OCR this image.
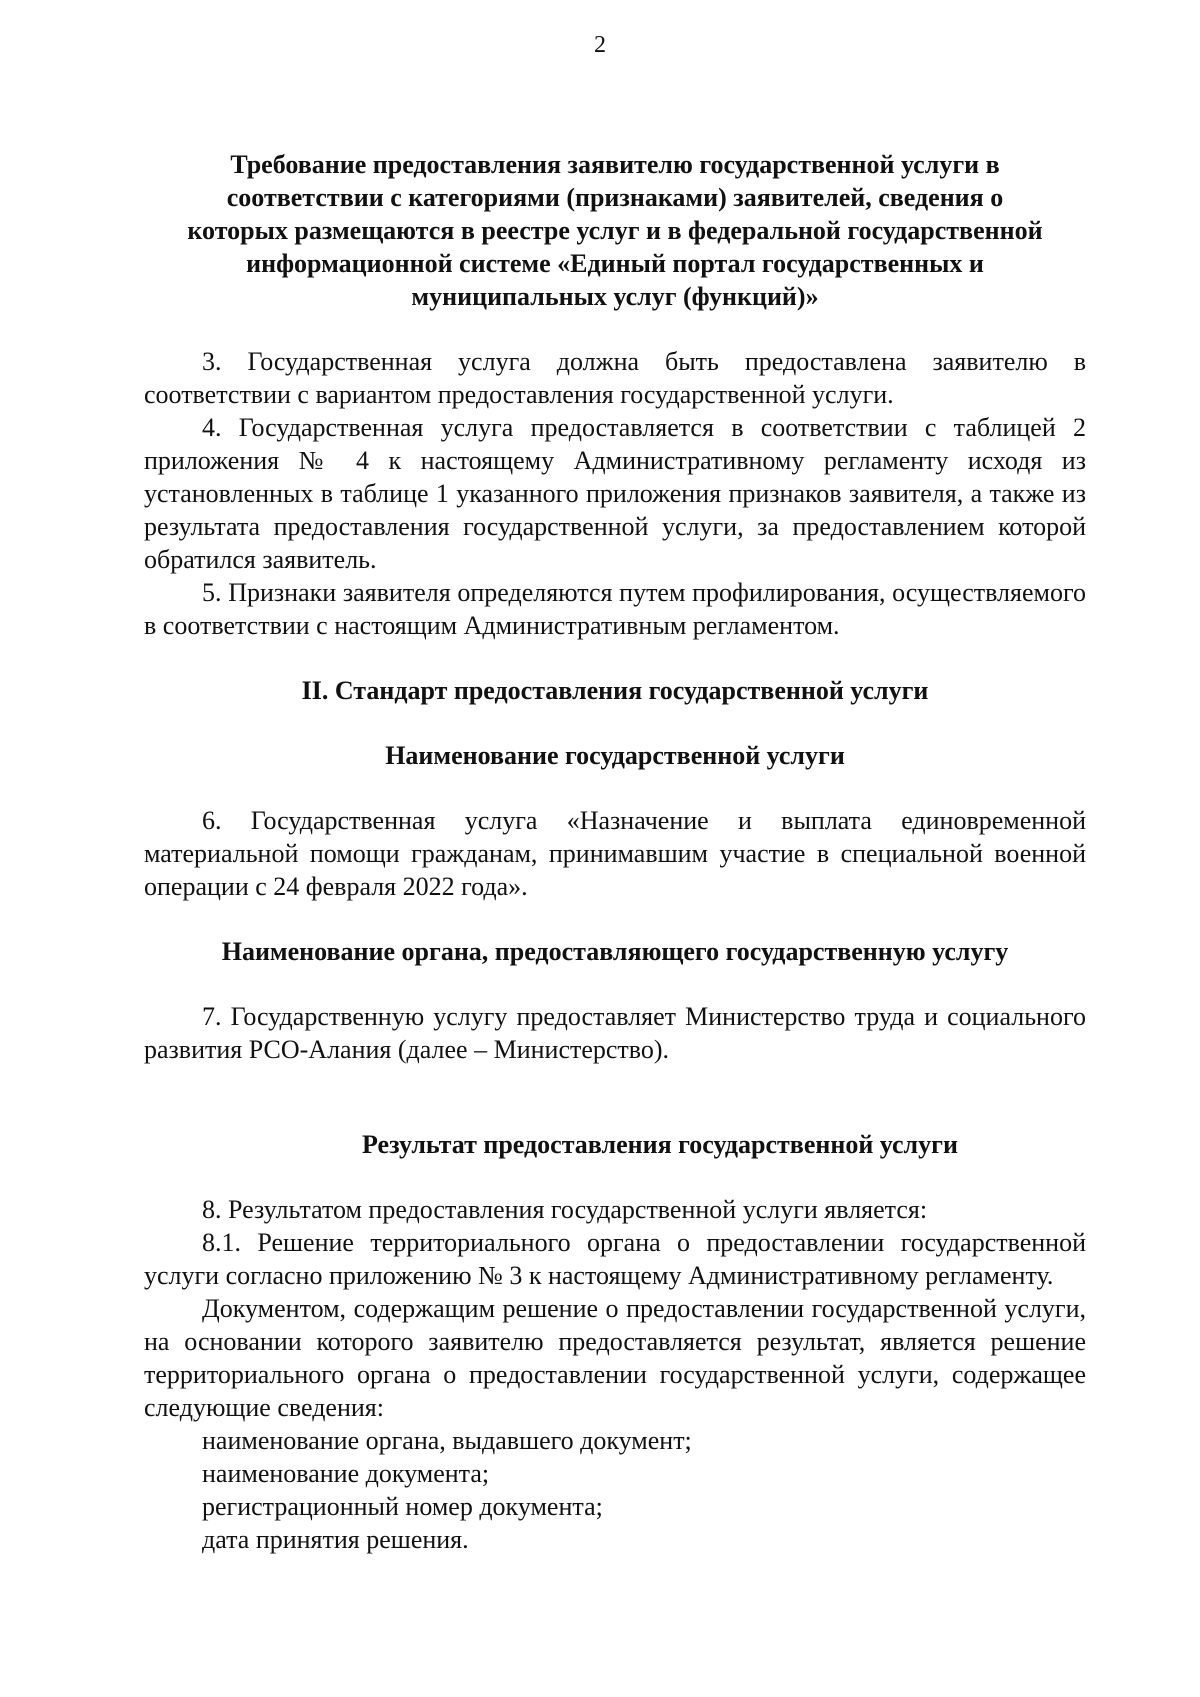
2
Требование предоставления заявителю государственной услуги в
соответствии с категориями (признаками) заявителей, сведения о
которых размещаются в реестре услуг и в федеральной государственной
информационной системе «Единый портал государственных и
муниципальных услуг (функций)»

3. Государственная услуга должна быть предоставлена заявителю в соответствии с вариантом предоставления государственной услуги.

4. Государственная услуга предоставляется в соответствии с таблицей 2 приложения № 4 к настоящему Административному регламенту исходя из установленных в таблице 1 указанного приложения признаков заявителя, а также из результата предоставления государственной услуги, за предоставлением которой обратился заявитель.

5. Признаки заявителя определяются путем профилирования, осуществляемого в соответствии с настоящим Административным регламентом.

II. Стандарт предоставления государственной услуги
Наименование государственной услуги

6. Государственная услуга «Назначение и выплата единовременной материальной помощи гражданам, принимавшим участие в специальной военной операции с 24 февраля 2022 года».

Наименование органа, предоставляющего государственную услугу

7. Государственную услугу предоставляет Министерство труда и социального развития РСО-Алания (далее – Министерство).

Результат предоставления государственной услуги

8. Результатом предоставления государственной услуги является:

8.1. Решение территориального органа о предоставлении государственной услуги согласно приложению № 3 к настоящему Административному регламенту.

Документом, содержащим решение о предоставлении государственной услуги, на основании которого заявителю предоставляется результат, является решение территориального органа о предоставлении государственной услуги, содержащее следующие сведения:

наименование органа, выдавшего документ;

наименование документа;

регистрационный номер документа;

дата принятия решения.
